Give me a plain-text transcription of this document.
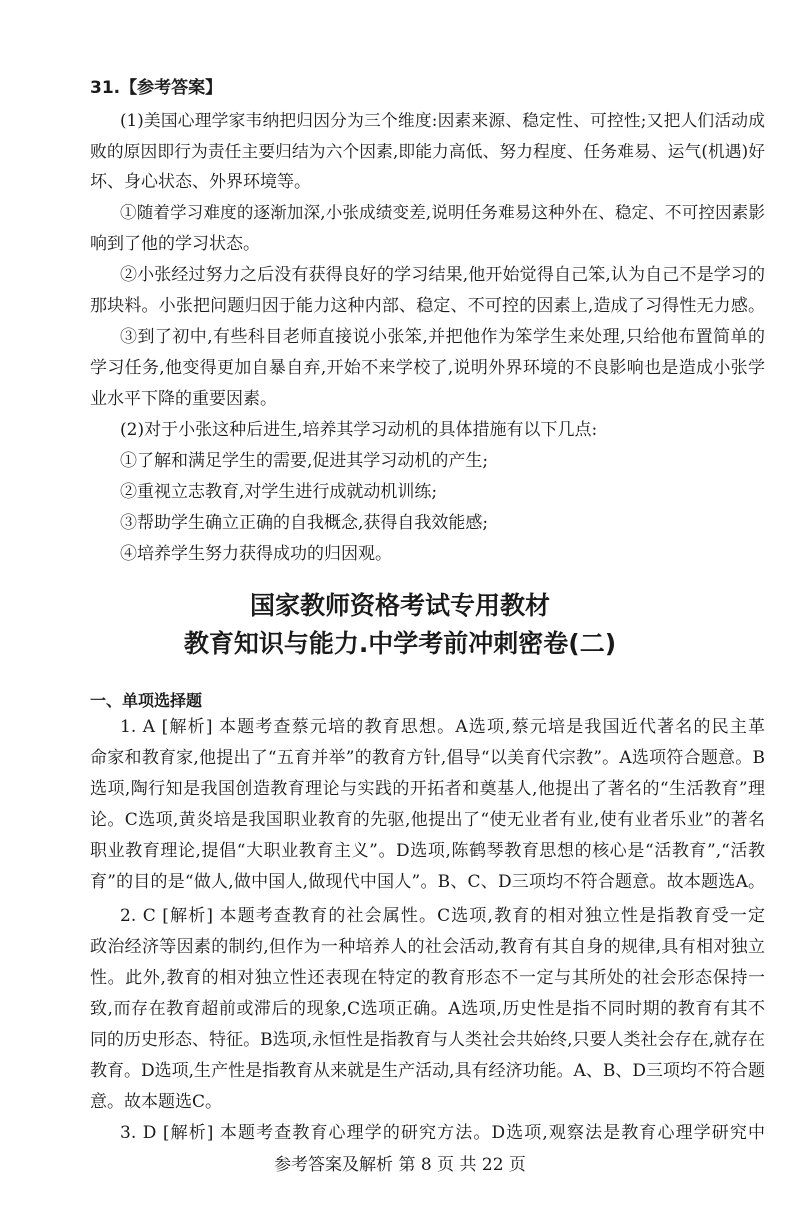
31.【参考答案】
(1)美国心理学家韦纳把归因分为三个维度:因素来源、稳定性、可控性;又把人们活动成
败的原因即行为责任主要归结为六个因素,即能力高低、努力程度、任务难易、运气(机遇)好
坏、身心状态、外界环境等。
①随着学习难度的逐渐加深,小张成绩变差,说明任务难易这种外在、稳定、不可控因素影
响到了他的学习状态。
②小张经过努力之后没有获得良好的学习结果,他开始觉得自己笨,认为自己不是学习的
那块料。小张把问题归因于能力这种内部、稳定、不可控的因素上,造成了习得性无力感。
③到了初中,有些科目老师直接说小张笨,并把他作为笨学生来处理,只给他布置简单的
学习任务,他变得更加自暴自弃,开始不来学校了,说明外界环境的不良影响也是造成小张学
业水平下降的重要因素。
(2)对于小张这种后进生,培养其学习动机的具体措施有以下几点:
①了解和满足学生的需要,促进其学习动机的产生;
②重视立志教育,对学生进行成就动机训练;
③帮助学生确立正确的自我概念,获得自我效能感;
④培养学生努力获得成功的归因观。
国家教师资格考试专用教材
教育知识与能力.中学考前冲刺密卷(二)
一、单项选择题
1. A [解析] 本题考查蔡元培的教育思想。A选项,蔡元培是我国近代著名的民主革
命家和教育家,他提出了“五育并举”的教育方针,倡导“以美育代宗教”。A选项符合题意。B
选项,陶行知是我国创造教育理论与实践的开拓者和奠基人,他提出了著名的“生活教育”理
论。C选项,黄炎培是我国职业教育的先驱,他提出了“使无业者有业,使有业者乐业”的著名
职业教育理论,提倡“大职业教育主义”。D选项,陈鹤琴教育思想的核心是“活教育”,“活教
育”的目的是“做人,做中国人,做现代中国人”。B、C、D三项均不符合题意。故本题选A。
2. C [解析] 本题考查教育的社会属性。C选项,教育的相对独立性是指教育受一定
政治经济等因素的制约,但作为一种培养人的社会活动,教育有其自身的规律,具有相对独立
性。此外,教育的相对独立性还表现在特定的教育形态不一定与其所处的社会形态保持一
致,而存在教育超前或滞后的现象,C选项正确。A选项,历史性是指不同时期的教育有其不
同的历史形态、特征。B选项,永恒性是指教育与人类社会共始终,只要人类社会存在,就存在
教育。D选项,生产性是指教育从来就是生产活动,具有经济功能。A、B、D三项均不符合题
意。故本题选C。
3. D [解析] 本题考查教育心理学的研究方法。D选项,观察法是教育心理学研究中
参考答案及解析 第 8 页 共 22 页
